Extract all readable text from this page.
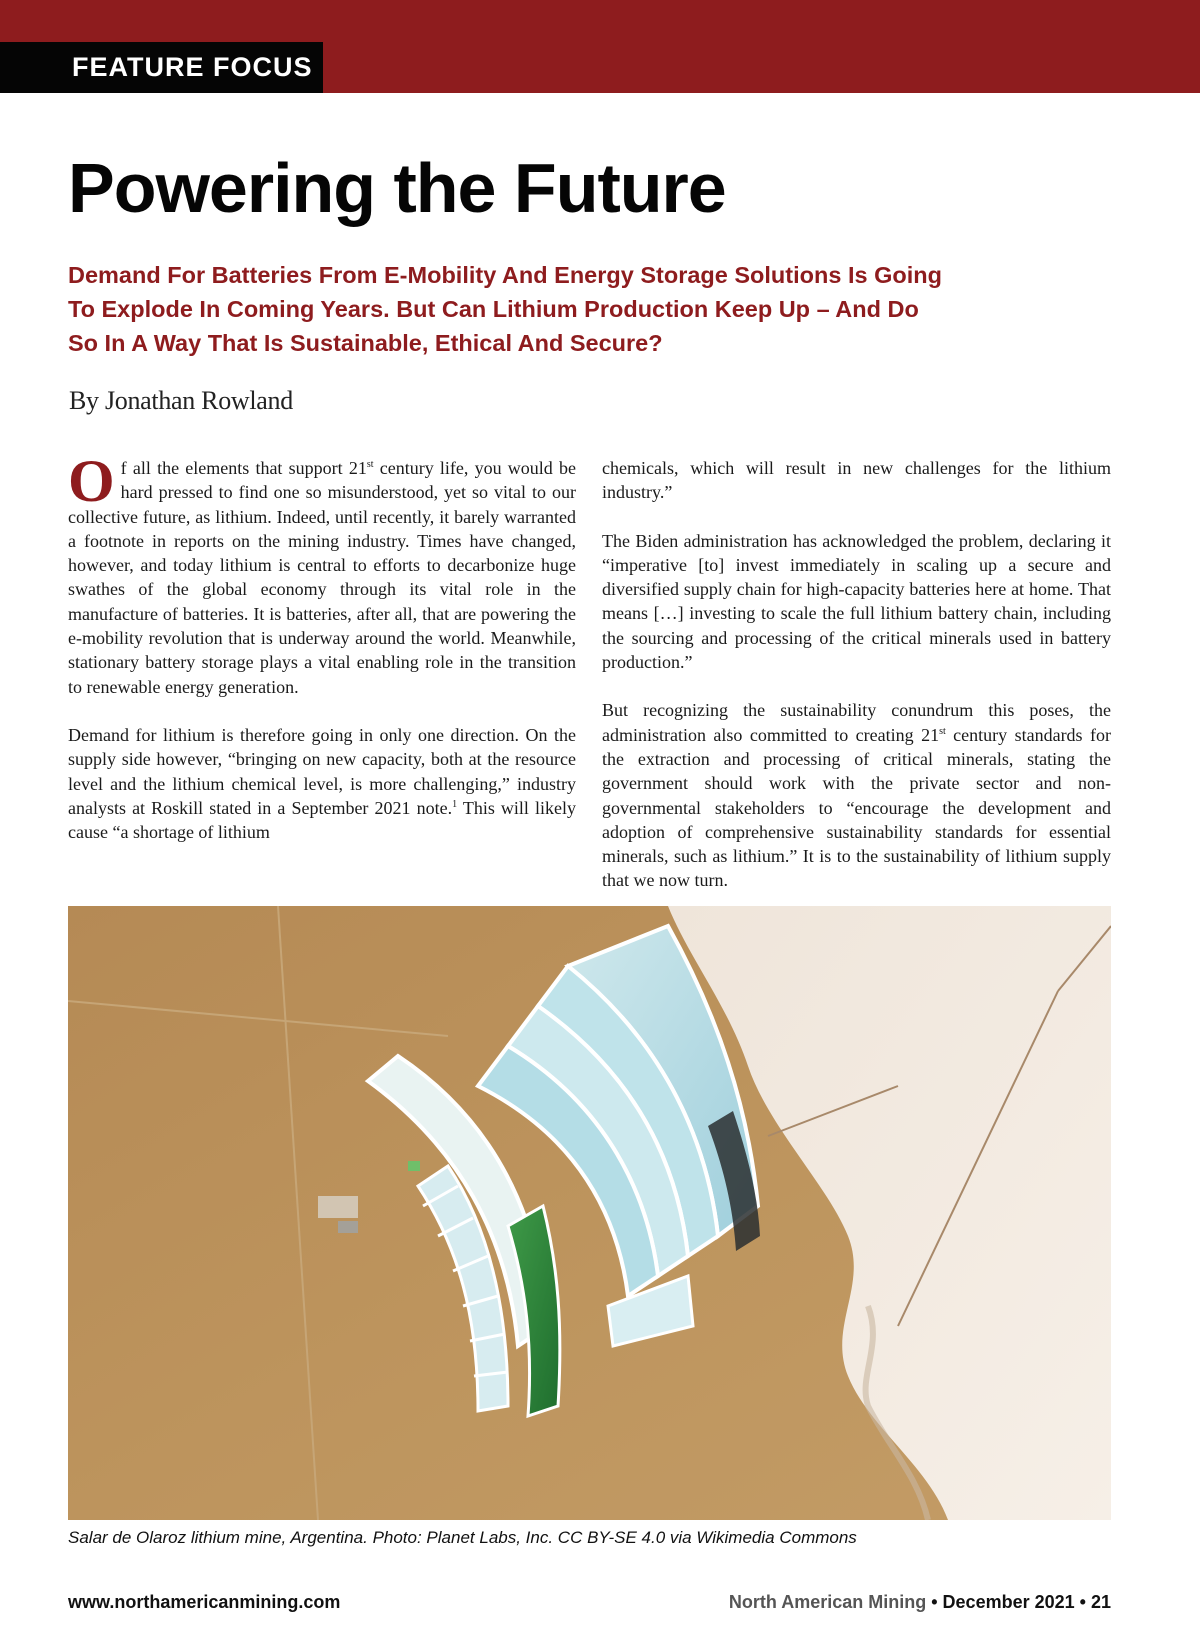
FEATURE FOCUS
Powering the Future

Demand For Batteries From E-Mobility And Energy Storage Solutions Is Going To Explode In Coming Years. But Can Lithium Production Keep Up – And Do So In A Way That Is Sustainable, Ethical And Secure?

By Jonathan Rowland

Of all the elements that support 21st century life, you would be hard pressed to find one so misunderstood, yet so vital to our collective future, as lithium. Indeed, until recently, it barely warranted a footnote in reports on the mining industry. Times have changed, however, and today lithium is central to efforts to decarbonize huge swathes of the global economy through its vital role in the manufacture of batteries. It is batteries, after all, that are powering the e-mobility revolution that is underway around the world. Meanwhile, stationary battery storage plays a vital enabling role in the transition to renewable energy generation.

Demand for lithium is therefore going in only one direction. On the supply side however, “bringing on new capacity, both at the resource level and the lithium chemical level, is more challenging,” industry analysts at Roskill stated in a September 2021 note.$^1$ This will likely cause “a shortage of lithium

chemicals, which will result in new challenges for the lithium industry.”

The Biden administration has acknowledged the problem, declaring it “imperative [to] invest immediately in scaling up a secure and diversified supply chain for high-capacity batteries here at home. That means […] investing to scale the full lithium battery chain, including the sourcing and processing of the critical minerals used in battery production.”

But recognizing the sustainability conundrum this poses, the administration also committed to creating 21st century standards for the extraction and processing of critical minerals, stating the government should work with the private sector and non-governmental stakeholders to “encourage the development and adoption of comprehensive sustainability standards for essential minerals, such as lithium.” It is to the sustainability of lithium supply that we now turn.

Salar de Olaroz lithium mine, Argentina. Photo: Planet Labs, Inc. CC BY-SE 4.0 via Wikimedia Commons

www.northamericanmining.com	North American Mining • December 2021 • 21
